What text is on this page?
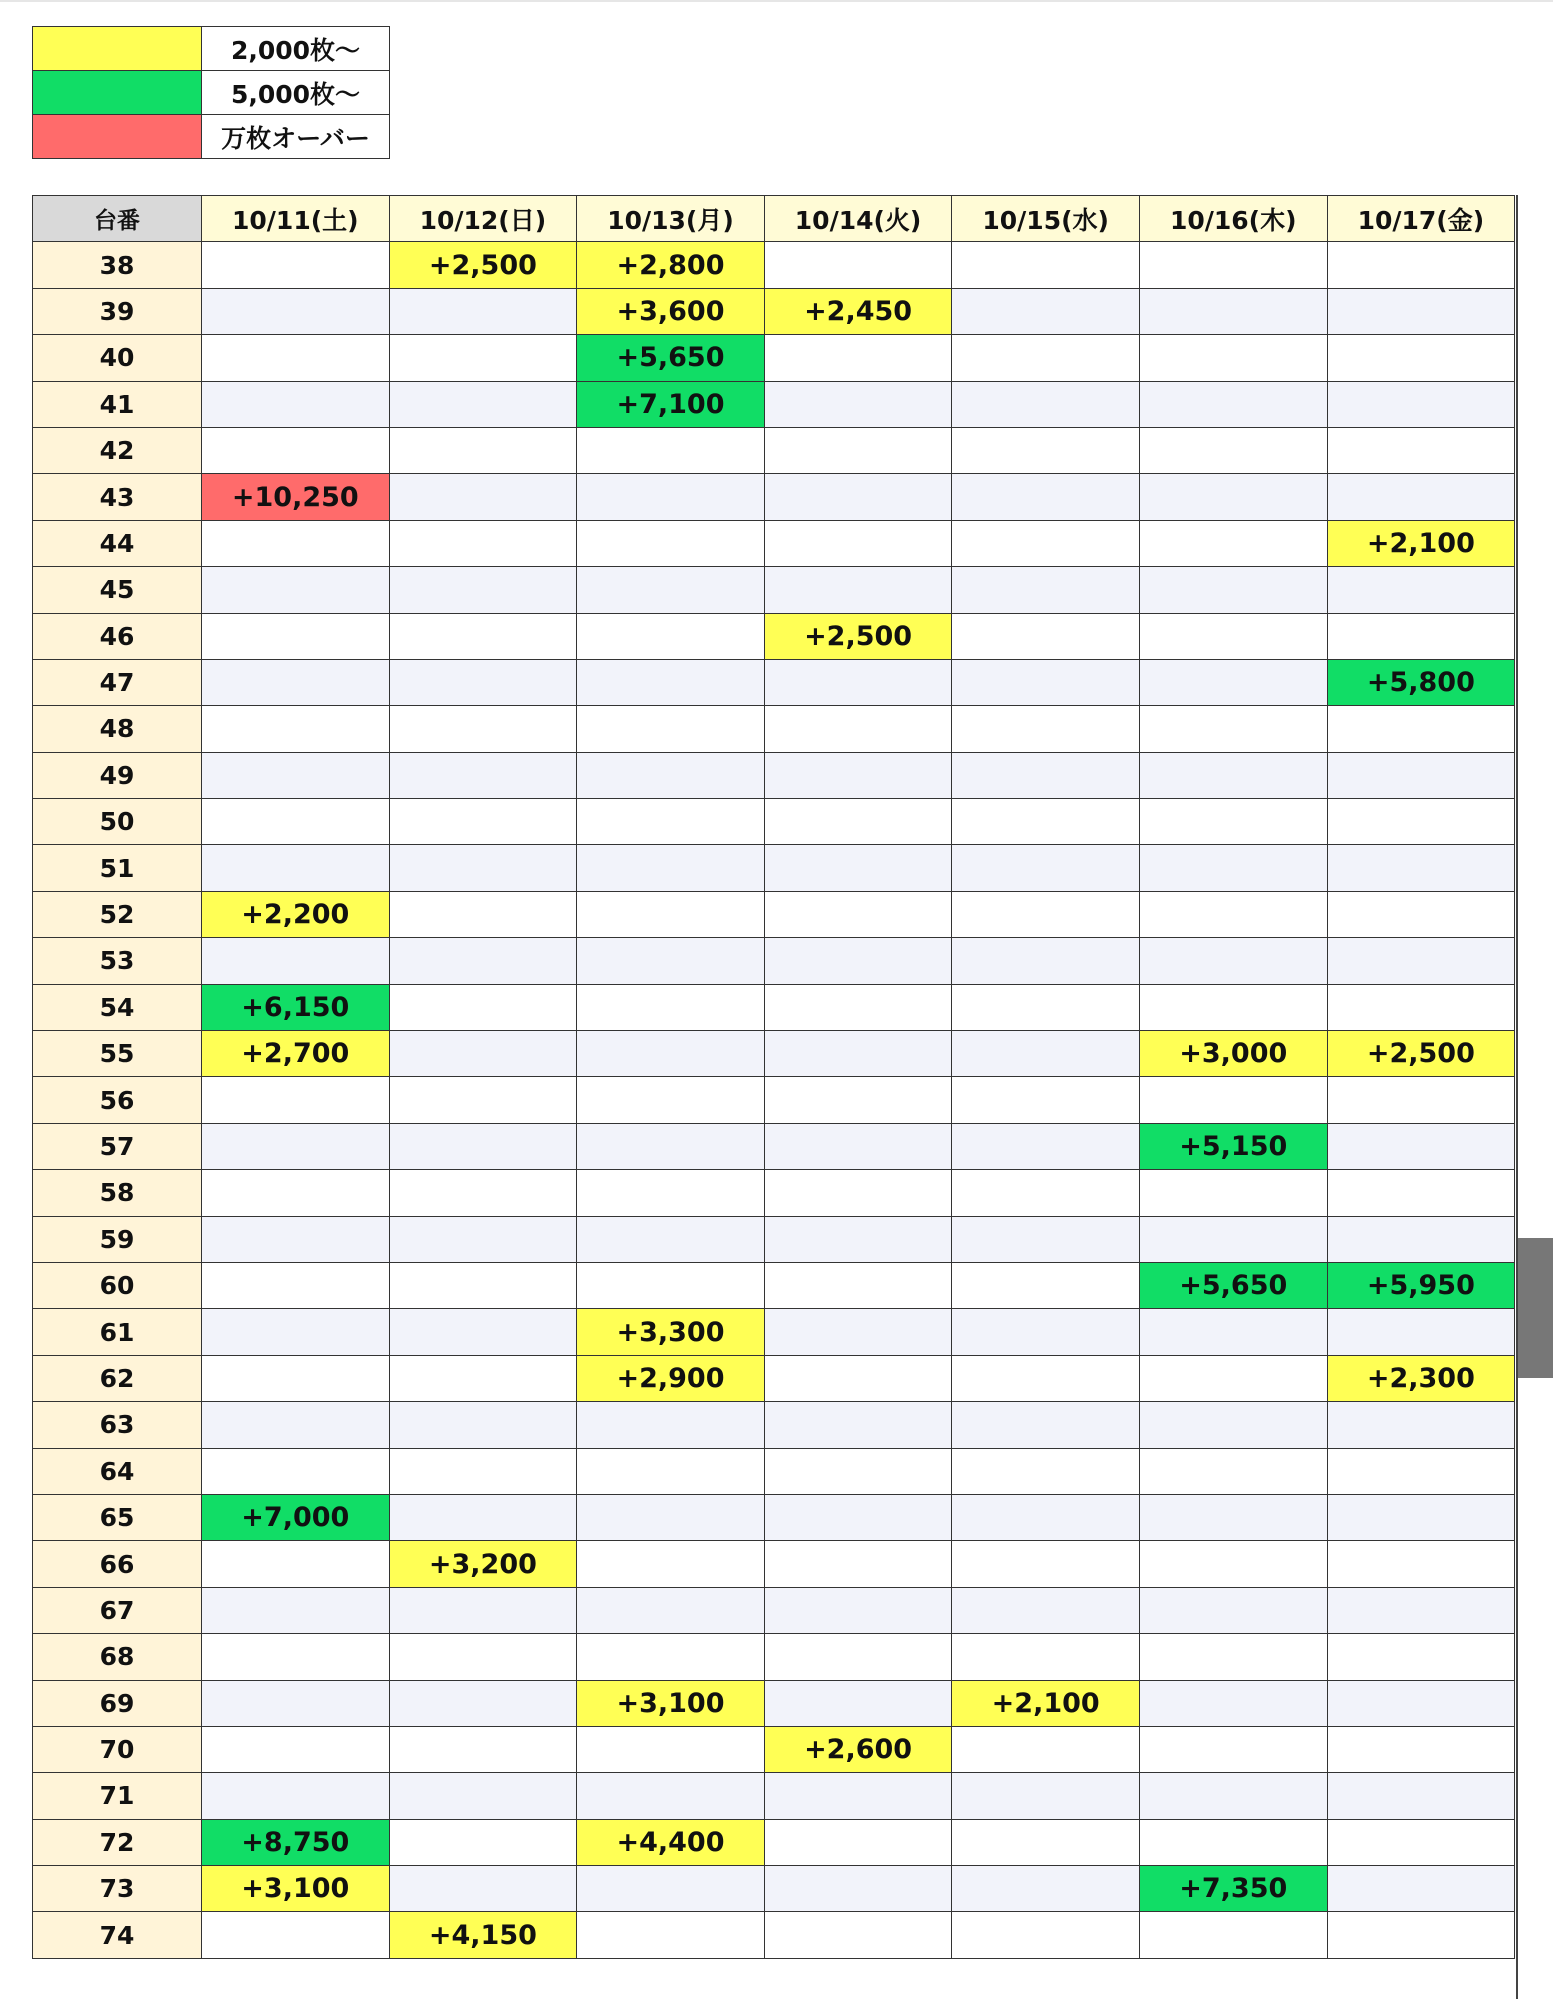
	2,000枚～
	5,000枚～
	万枚オーバー
台番	10/11(土)	10/12(日)	10/13(月)	10/14(火)	10/15(水)	10/16(木)	10/17(金)
38		+2,500	+2,800				
39			+3,600	+2,450			
40			+5,650				
41			+7,100				
42							
43	+10,250						
44							+2,100
45							
46				+2,500			
47							+5,800
48							
49							
50							
51							
52	+2,200						
53							
54	+6,150						
55	+2,700					+3,000	+2,500
56							
57						+5,150	
58							
59							
60						+5,650	+5,950
61			+3,300				
62			+2,900				+2,300
63							
64							
65	+7,000						
66		+3,200					
67							
68							
69			+3,100		+2,100		
70				+2,600			
71							
72	+8,750		+4,400				
73	+3,100					+7,350	
74		+4,150					
